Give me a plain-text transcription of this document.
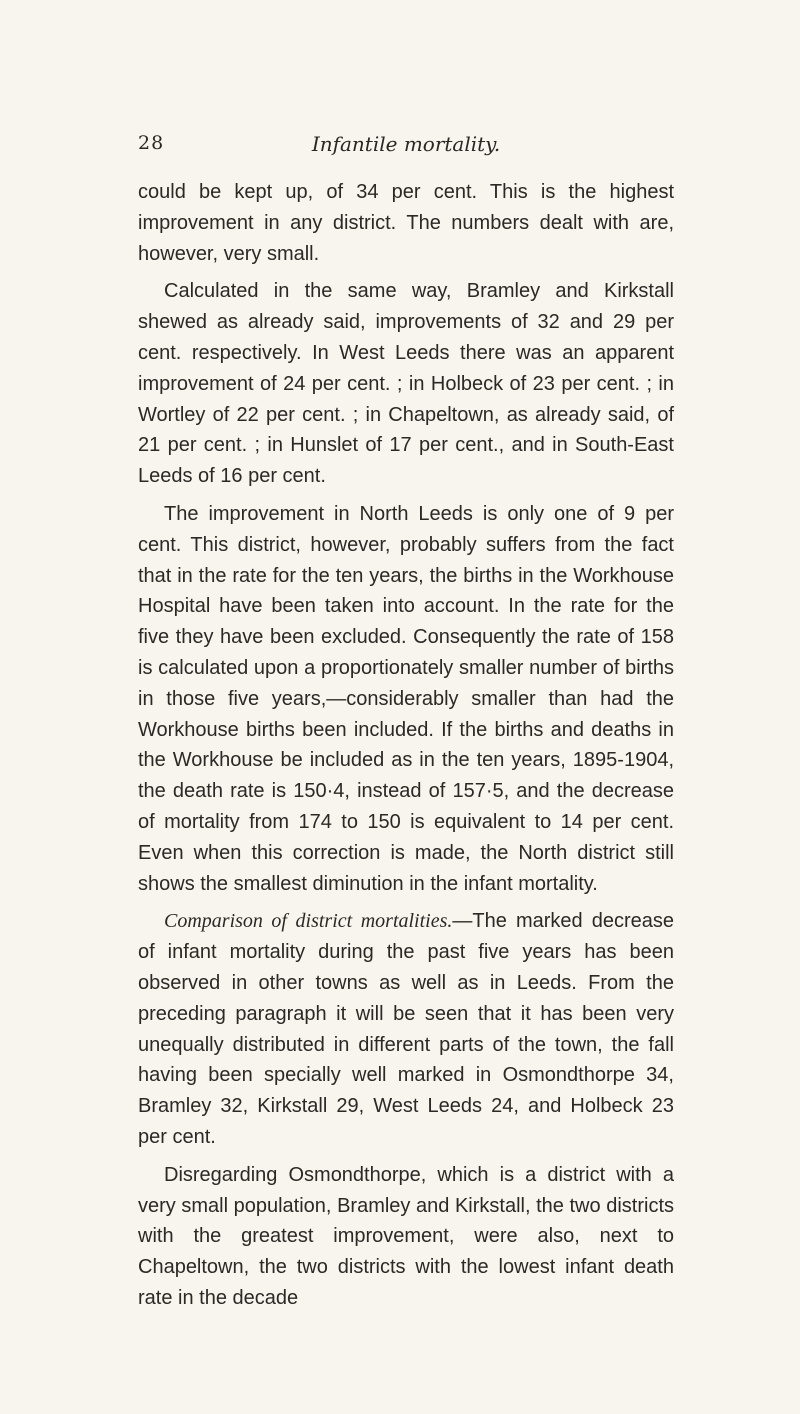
28	Infantile mortality.

could be kept up, of 34 per cent. This is the highest improvement in any district. The numbers dealt with are, however, very small.

Calculated in the same way, Bramley and Kirkstall shewed as already said, improvements of 32 and 29 per cent. respectively. In West Leeds there was an apparent improvement of 24 per cent. ; in Holbeck of 23 per cent. ; in Wortley of 22 per cent. ; in Chapeltown, as already said, of 21 per cent. ; in Hunslet of 17 per cent., and in South-East Leeds of 16 per cent.

The improvement in North Leeds is only one of 9 per cent. This district, however, probably suffers from the fact that in the rate for the ten years, the births in the Workhouse Hospital have been taken into account. In the rate for the five they have been excluded. Consequently the rate of 158 is calculated upon a proportionately smaller number of births in those five years,—considerably smaller than had the Workhouse births been included. If the births and deaths in the Workhouse be included as in the ten years, 1895-1904, the death rate is 150·4, instead of 157·5, and the decrease of mortality from 174 to 150 is equivalent to 14 per cent. Even when this correction is made, the North district still shows the smallest diminution in the infant mortality.

Comparison of district mortalities.—The marked decrease of infant mortality during the past five years has been observed in other towns as well as in Leeds. From the preceding paragraph it will be seen that it has been very unequally distributed in different parts of the town, the fall having been specially well marked in Osmondthorpe 34, Bramley 32, Kirkstall 29, West Leeds 24, and Holbeck 23 per cent.

Disregarding Osmondthorpe, which is a district with a very small population, Bramley and Kirkstall, the two districts with the greatest improvement, were also, next to Chapeltown, the two districts with the lowest infant death rate in the decade
